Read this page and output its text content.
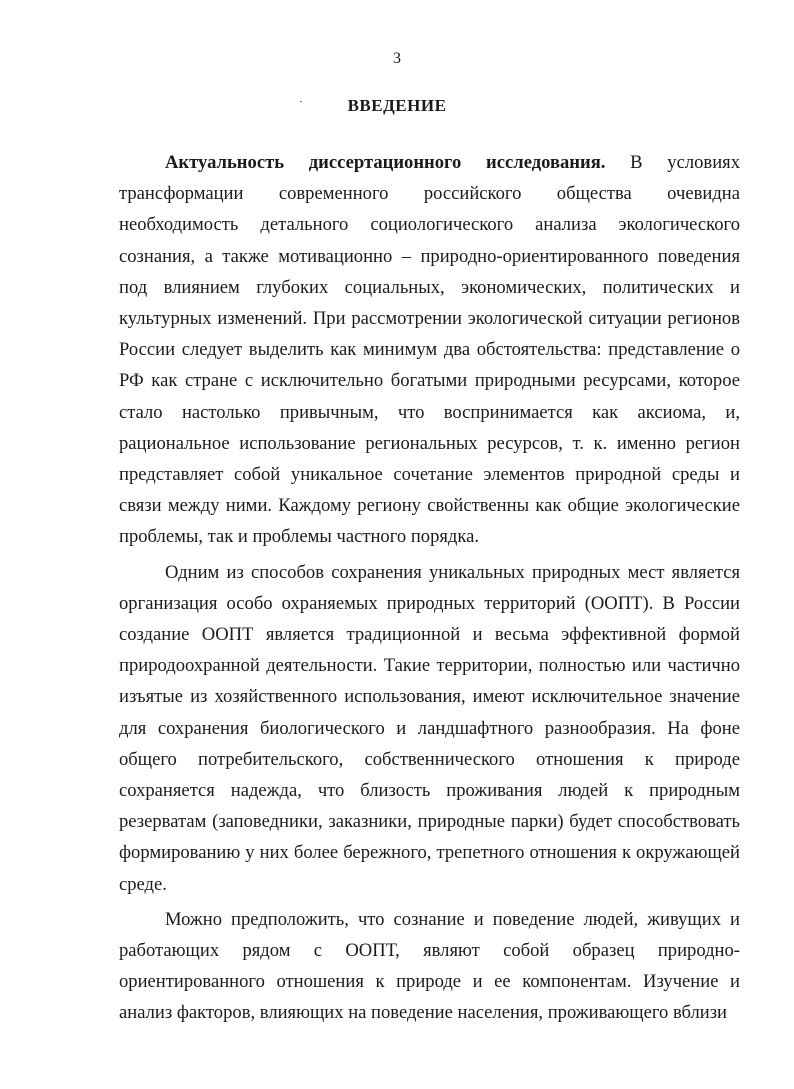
3
ВВЕДЕНИЕ

Актуальность диссертационного исследования. В условиях трансформации современного российского общества очевидна необходимость детального социологического анализа экологического сознания, а также мотивационно – природно-ориентированного поведения под влиянием глубоких социальных, экономических, политических и культурных изменений. При рассмотрении экологической ситуации регионов России следует выделить как минимум два обстоятельства: представление о РФ как стране с исключительно богатыми природными ресурсами, которое стало настолько привычным, что воспринимается как аксиома, и, рациональное использование региональных ресурсов, т. к. именно регион представляет собой уникальное сочетание элементов природной среды и связи между ними. Каждому региону свойственны как общие экологические проблемы, так и проблемы частного порядка.

Одним из способов сохранения уникальных природных мест является организация особо охраняемых природных территорий (ООПТ). В России создание ООПТ является традиционной и весьма эффективной формой природоохранной деятельности. Такие территории, полностью или частично изъятые из хозяйственного использования, имеют исключительное значение для сохранения биологического и ландшафтного разнообразия. На фоне общего потребительского, собственнического отношения к природе сохраняется надежда, что близость проживания людей к природным резерватам (заповедники, заказники, природные парки) будет способствовать формированию у них более бережного, трепетного отношения к окружающей среде.

Можно предположить, что сознание и поведение людей, живущих и работающих рядом с ООПТ, являют собой образец природно-ориентированного отношения к природе и ее компонентам. Изучение и анализ факторов, влияющих на поведение населения, проживающего вблизи
